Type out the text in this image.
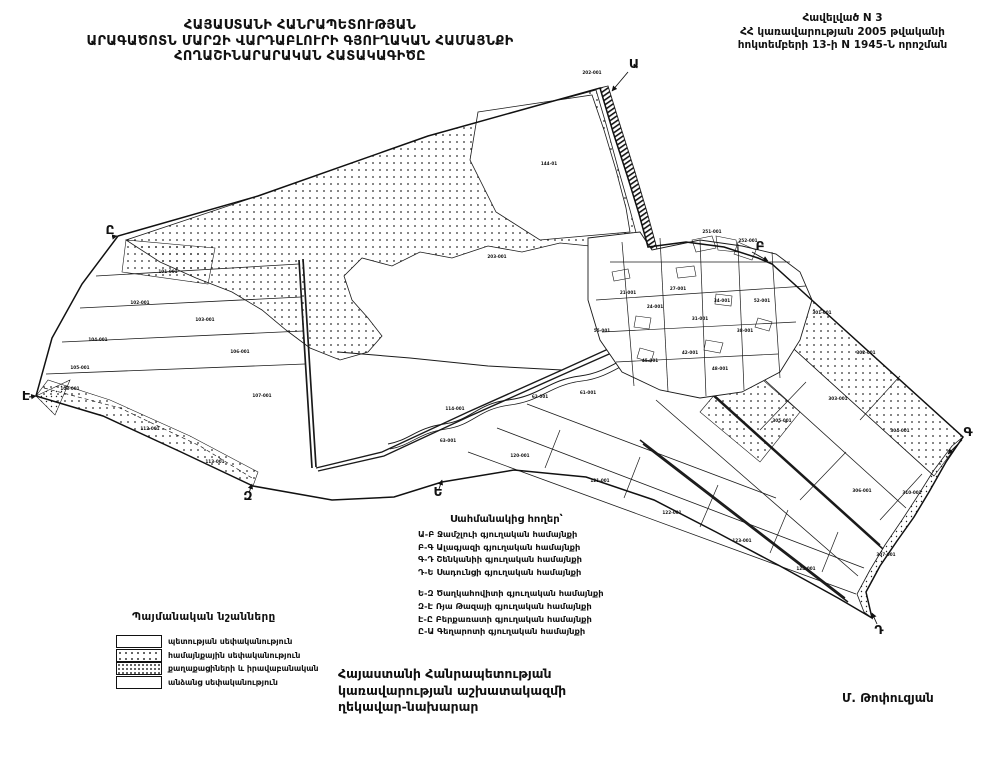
Ա
Բ
Գ
Դ
Ե
Զ
Է
Ը
202-001
203-001
144-01
101-001
102-001
103-001
104-001
105-001
106-001
107-001
108-001
112-001
113-001
114-001
120-001
121-001
122-001
123-001
124-001
301-001
302-001
303-001
304-001
305-001
306-001
307-001
310-001
251-001
252-001
21-001
24-001
27-001
31-001
34-001
38-001
42-001
45-001
48-001
52-001
55-001
61-001
62-001
63-001
ՀԱՅԱՍՏԱՆԻ ՀԱՆՐԱՊԵՏՈՒԹՅԱՆ
ԱՐԱԳԱԾՈՏՆ ՄԱՐԶԻ ՎԱՐԴԱԲԼՈՒՐԻ ԳՅՈՒՂԱԿԱՆ ՀԱՄԱՅՆՔԻ
ՀՈՂԱՇԻՆԱՐԱՐԱԿԱՆ ՀԱՏԱԿԱԳԻԾԸ
Հավելված N 3
ՀՀ կառավարության 2005 թվականի
հոկտեմբերի 13-ի N 1945-Ն որոշման
Սահմանակից հողեր՝
Ա-Բ Ջամշլուի գյուղական համայնքի
Բ-Գ Ալագյազի գյուղական համայնքի
Գ-Դ Շենկանիի գյուղական համայնքի
Դ-Ե Սադունցի գյուղական համայնքի
Ե-Զ Ծաղկահովիտի գյուղական համայնքի
Զ-Է Ռյա Թազայի գյուղական համայնքի
Է-Ը Բերքառատի գյուղական համայնքի
Ը-Ա Գեղարոտի գյուղական համայնքի
Պայմանական նշանները
պետության սեփականություն
համայնքային սեփականություն
քաղաքացիների և իրավաբանական
անձանց սեփականություն
Հայաստանի Հանրապետության
կառավարության աշխատակազմի
ղեկավար-նախարար
Մ. Թոփուզյան
